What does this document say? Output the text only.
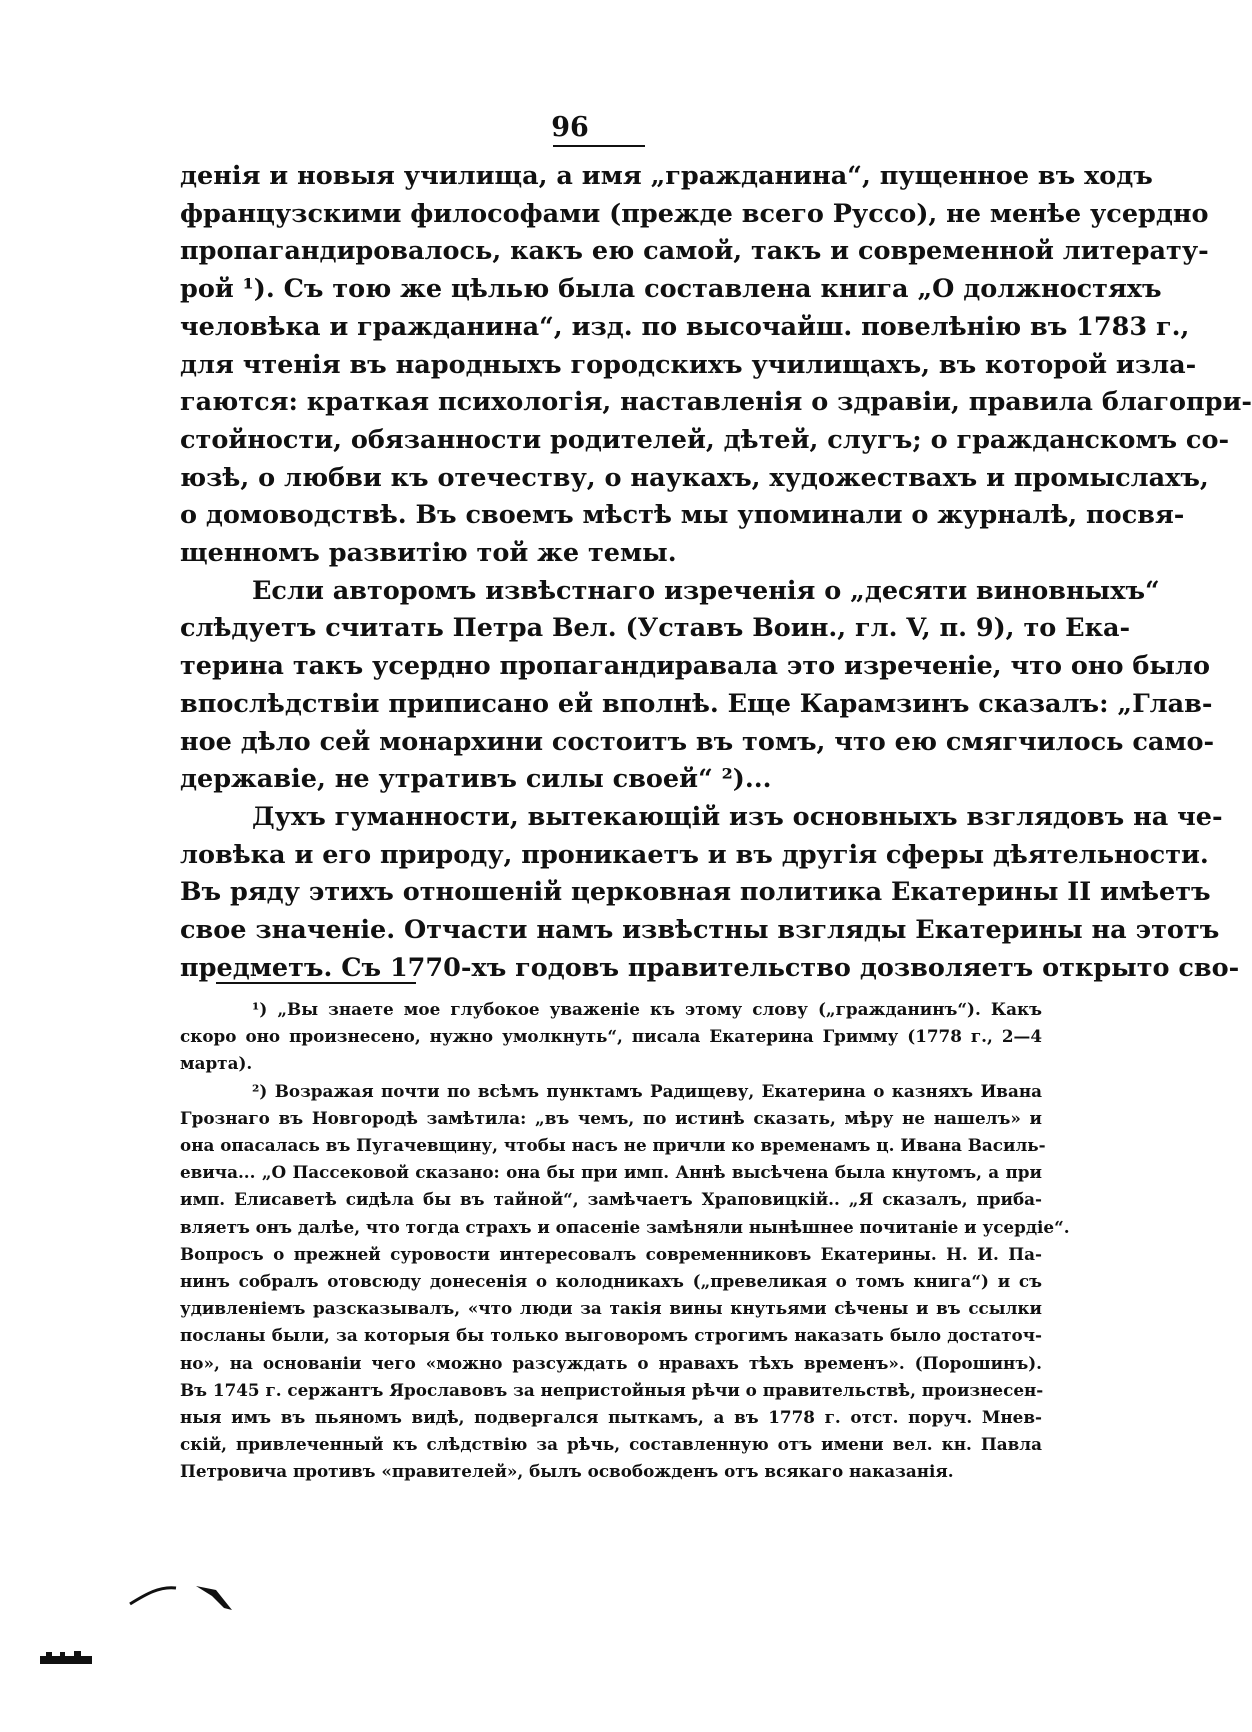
96
денія и новыя училища, а имя „гражданина“, пущенное въ ходъ
французскими философами (прежде всего Руссо), не менѣе усердно
пропагандировалось, какъ ею самой, такъ и современной литерату-
рой ¹). Съ тою же цѣлью была составлена книга „О должностяхъ
человѣка и гражданина“, изд. по высочайш. повелѣнію въ 1783 г.,
для чтенія въ народныхъ городскихъ училищахъ, въ которой изла-
гаются: краткая психологія, наставленія о здравіи, правила благопри-
стойности, обязанности родителей, дѣтей, слугъ; о гражданскомъ со-
юзѣ, о любви къ отечеству, о наукахъ, художествахъ и промыслахъ,
о домоводствѣ. Въ своемъ мѣстѣ мы упоминали о журналѣ, посвя-
щенномъ развитію той же темы.
Если авторомъ извѣстнаго изреченія о „десяти виновныхъ“
слѣдуетъ считать Петра Вел. (Уставъ Воин., гл. V, п. 9), то Ека-
терина такъ усердно пропагандиравала это изреченіе, что оно было
впослѣдствіи приписано ей вполнѣ. Еще Карамзинъ сказалъ: „Глав-
ное дѣло сей монархини состоитъ въ томъ, что ею смягчилось само-
державіе, не утративъ силы своей“ ²)...
Духъ гуманности, вытекающій изъ основныхъ взглядовъ на че-
ловѣка и его природу, проникаетъ и въ другія сферы дѣятельности.
Въ ряду этихъ отношеній церковная политика Екатерины II имѣетъ
свое значеніе. Отчасти намъ извѣстны взгляды Екатерины на этотъ
предметъ. Съ 1770-хъ годовъ правительство дозволяетъ открыто сво-
¹) „Вы знаете мое глубокое уваженіе къ этому слову („гражданинъ“). Какъ
скоро оно произнесено, нужно умолкнуть“, писала Екатерина Гримму (1778 г., 2—4
марта).
²) Возражая почти по всѣмъ пунктамъ Радищеву, Екатерина о казняхъ Ивана
Грознаго въ Новгородѣ замѣтила: „въ чемъ, по истинѣ сказать, мѣру не нашелъ» и
она опасалась въ Пугачевщину, чтобы насъ не причли ко временамъ ц. Ивана Василь-
евича... „О Пассековой сказано: она бы при имп. Аннѣ высѣчена была кнутомъ, а при
имп. Елисаветѣ сидѣла бы въ тайной“, замѣчаетъ Храповицкій.. „Я сказалъ, прибa-
вляетъ онъ далѣе, что тогда страхъ и опасеніе замѣняли нынѣшнее почитаніе и усердіе“.
Вопросъ о прежней суровости интересовалъ современниковъ Екатерины. Н. И. Па-
нинъ собралъ отовсюду донесенія о колодникахъ („превеликая о томъ книга“) и съ
удивленіемъ разсказывалъ, «что люди за такія вины кнутьями сѣчены и въ ссылки
посланы были, за которыя бы только выговоромъ строгимъ наказать было достаточ-
но», на основаніи чего «можно разсуждать о нравахъ тѣхъ временъ». (Порошинъ).
Въ 1745 г. сержантъ Ярославовъ за непристойныя рѣчи о правительствѣ, произнесен-
ныя имъ въ пьяномъ видѣ, подвергался пыткамъ, а въ 1778 г. отст. поруч. Мнев-
скій, привлеченный къ слѣдствію за рѣчь, составленную отъ имени вел. кн. Павла
Петровича противъ «правителей», былъ освобожденъ отъ всякаго наказанія.
